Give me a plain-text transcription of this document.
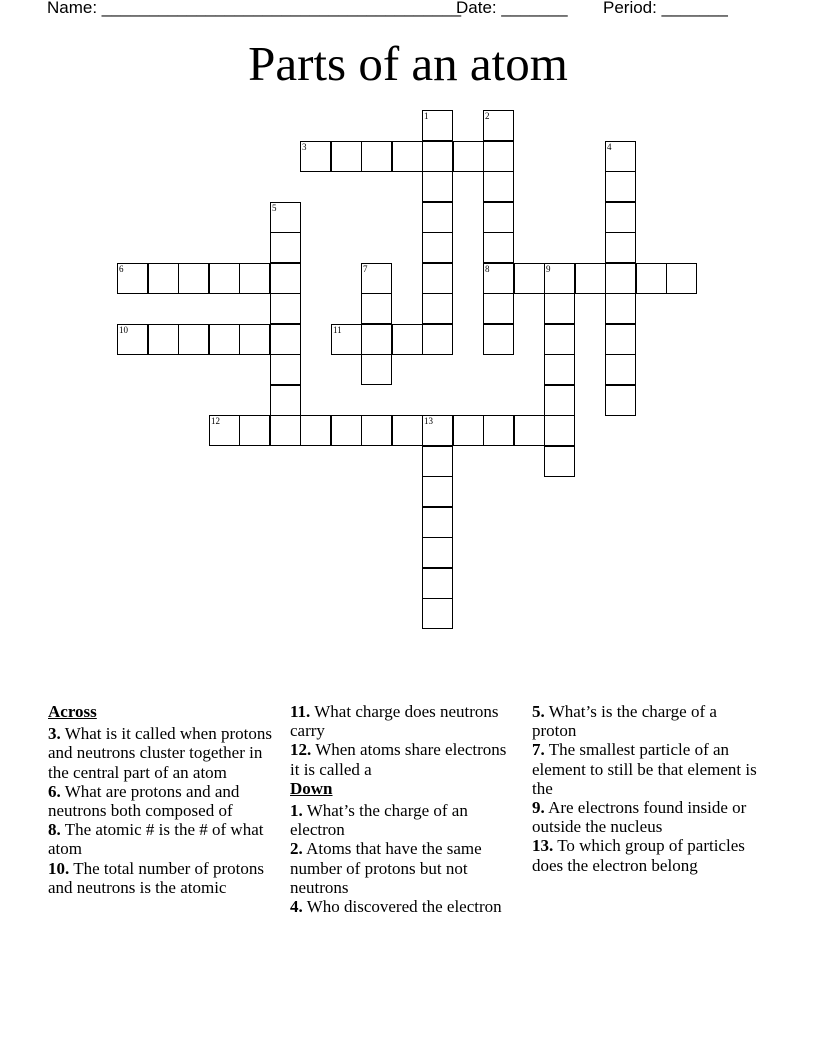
Name: ______________________________________
Date: _______ Period: _______
Parts of an atom
1	2
8
3	4
5
6	7	9
10	11
12	13
Across
3. What is it called when protons and neutrons cluster together in the central part of an atom
6. What are protons and and neutrons both composed of
8. The atomic # is the # of what atom
10. The total number of protons and neutrons is the atomic
11. What charge does neutrons carry
12. When atoms share electrons it is called a
Down
1. What’s the charge of an electron
2. Atoms that have the same number of protons but not neutrons
4. Who discovered the electron
5. What’s is the charge of a proton
7. The smallest particle of an element to still be that element is the
9. Are electrons found inside or outside the nucleus
13. To which group of particles does the electron belong
